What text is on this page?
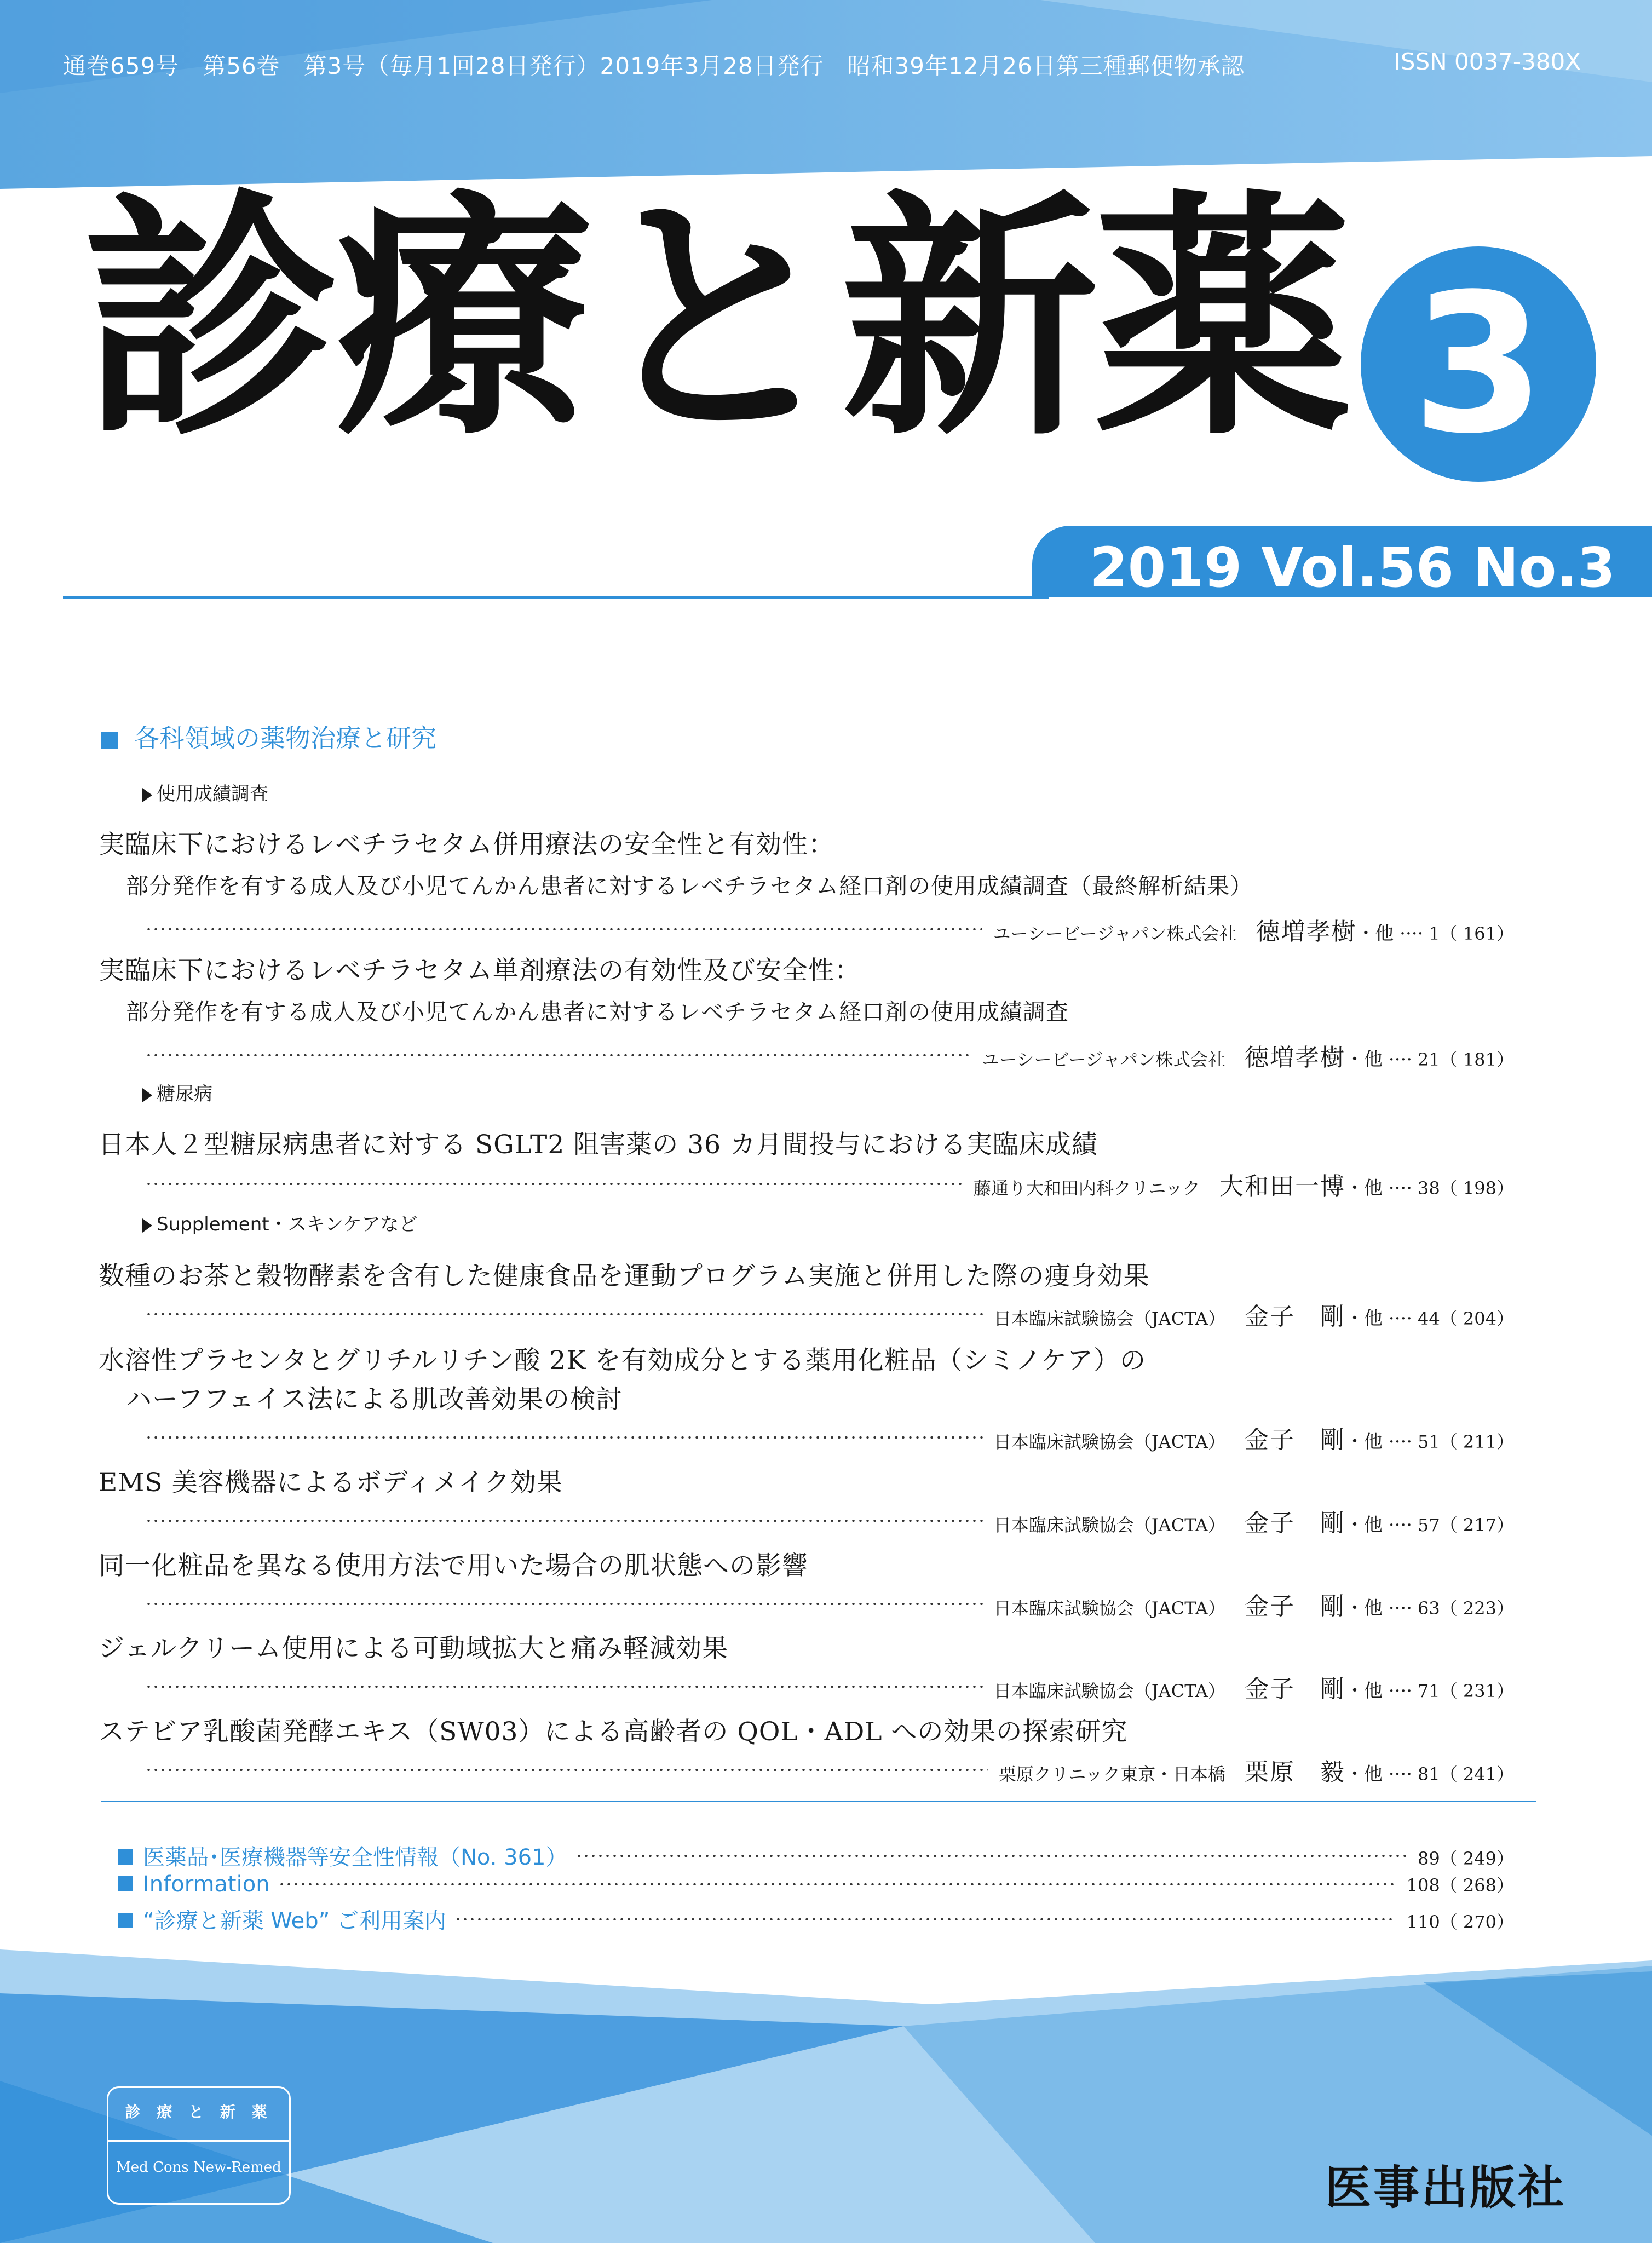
通巻659号　第56巻　第3号（毎月1回28日発行）2019年3月28日発行　昭和39年12月26日第三種郵便物承認	ISSN 0037-380X
診療と新薬 3
2019 Vol.56 No.3
各科領域の薬物治療と研究
使用成績調査
実臨床下におけるレベチラセタム併用療法の安全性と有効性：
部分発作を有する成人及び小児てんかん患者に対するレベチラセタム経口剤の使用成績調査（最終解析結果）
ユーシービージャパン株式会社 徳増孝樹 ・他 ···· 1（ 161）
実臨床下におけるレベチラセタム単剤療法の有効性及び安全性：
部分発作を有する成人及び小児てんかん患者に対するレベチラセタム経口剤の使用成績調査
ユーシービージャパン株式会社 徳増孝樹 ・他 ···· 21（ 181）
糖尿病
日本人２型糖尿病患者に対する SGLT2 阻害薬の 36 カ月間投与における実臨床成績
藤通り大和田内科クリニック 大和田一博 ・他 ···· 38（ 198）
Supplement・スキンケアなど
数種のお茶と穀物酵素を含有した健康食品を運動プログラム実施と併用した際の痩身効果
日本臨床試験協会（JACTA） 金子　剛 ・他 ···· 44（ 204）
水溶性プラセンタとグリチルリチン酸 2K を有効成分とする薬用化粧品（シミノケア）の
ハーフフェイス法による肌改善効果の検討
日本臨床試験協会（JACTA） 金子　剛 ・他 ···· 51（ 211）
EMS 美容機器によるボディメイク効果
日本臨床試験協会（JACTA） 金子　剛 ・他 ···· 57（ 217）
同一化粧品を異なる使用方法で用いた場合の肌状態への影響
日本臨床試験協会（JACTA） 金子　剛 ・他 ···· 63（ 223）
ジェルクリーム使用による可動域拡大と痛み軽減効果
日本臨床試験協会（JACTA） 金子　剛 ・他 ···· 71（ 231）
ステビア乳酸菌発酵エキス（SW03）による高齢者の QOL・ADL への効果の探索研究
栗原クリニック東京・日本橋 栗原　毅 ・他 ···· 81（ 241）
医薬品･医療機器等安全性情報（No. 361）	89（ 249）
Information	108（ 268）
“診療と新薬 Web” ご利用案内	110（ 270）
診 療 と 新 薬
Med Cons New-Remed	医事出版社
